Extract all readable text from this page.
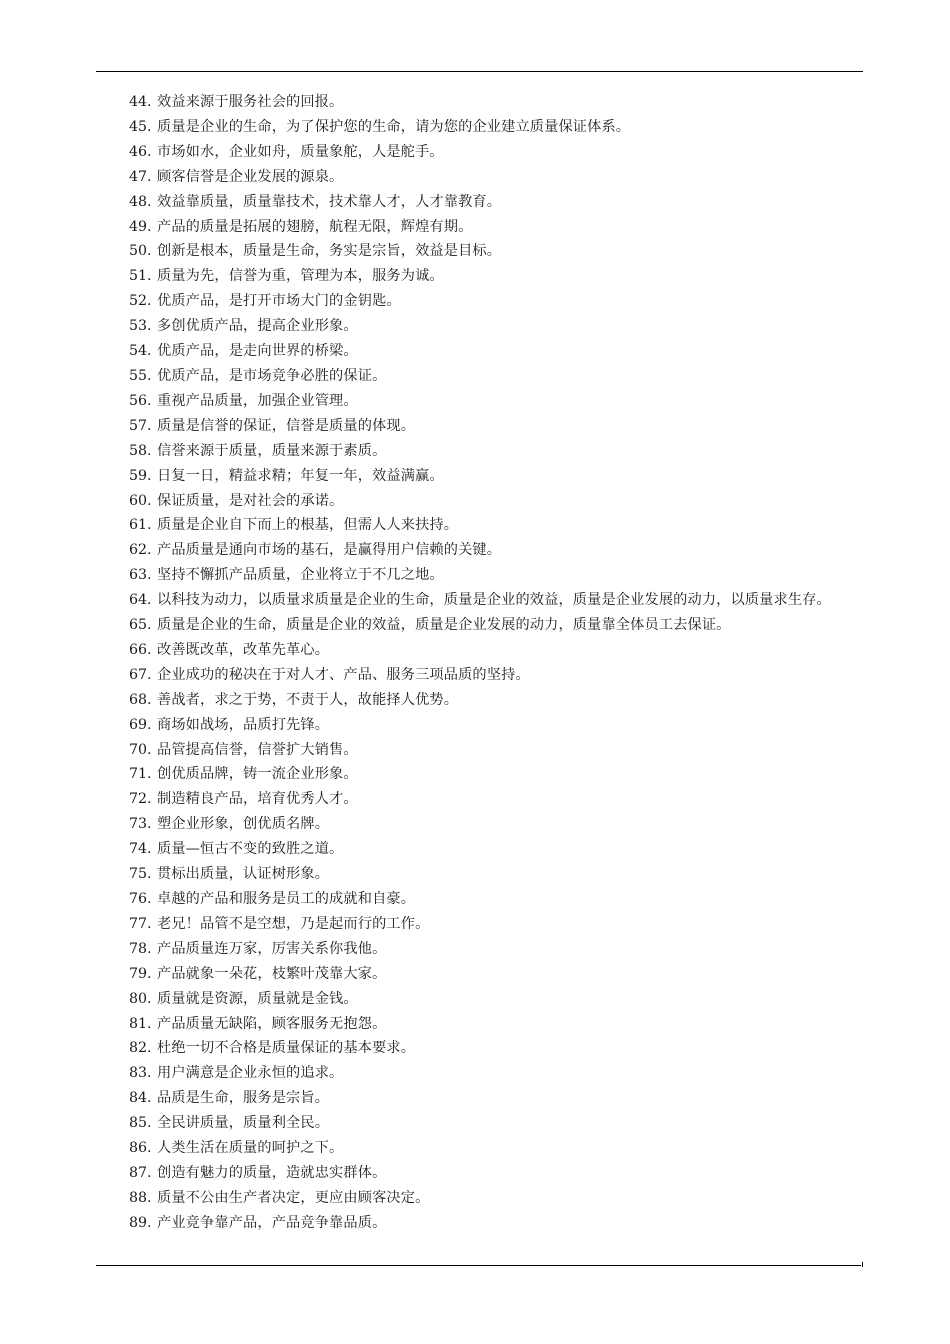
44. 效益来源于服务社会的回报。
45. 质量是企业的生命，为了保护您的生命，请为您的企业建立质量保证体系。
46. 市场如水，企业如舟，质量象舵，人是舵手。
47. 顾客信誉是企业发展的源泉。
48. 效益靠质量，质量靠技术，技术靠人才，人才靠教育。
49. 产品的质量是拓展的翅膀，航程无限，辉煌有期。
50. 创新是根本，质量是生命，务实是宗旨，效益是目标。
51. 质量为先，信誉为重，管理为本，服务为诚。
52. 优质产品，是打开市场大门的金钥匙。
53. 多创优质产品，提高企业形象。
54. 优质产品，是走向世界的桥梁。
55. 优质产品，是市场竞争必胜的保证。
56. 重视产品质量，加强企业管理。
57. 质量是信誉的保证，信誉是质量的体现。
58. 信誉来源于质量，质量来源于素质。
59. 日复一日，精益求精；年复一年，效益满赢。
60. 保证质量，是对社会的承诺。
61. 质量是企业自下而上的根基，但需人人来扶持。
62. 产品质量是通向市场的基石，是赢得用户信赖的关键。
63. 坚持不懈抓产品质量，企业将立于不几之地。
64. 以科技为动力，以质量求质量是企业的生命，质量是企业的效益，质量是企业发展的动力，以质量求生存。
65. 质量是企业的生命，质量是企业的效益，质量是企业发展的动力，质量靠全体员工去保证。
66. 改善既改革，改革先革心。
67. 企业成功的秘决在于对人才、产品、服务三项品质的坚持。
68. 善战者，求之于势，不责于人，故能择人优势。
69. 商场如战场，品质打先锋。
70. 品管提高信誉，信誉扩大销售。
71. 创优质品牌，铸一流企业形象。
72. 制造精良产品，培育优秀人才。
73. 塑企业形象，创优质名牌。
74. 质量—恒古不变的致胜之道。
75. 贯标出质量，认证树形象。
76. 卓越的产品和服务是员工的成就和自豪。
77. 老兄！品管不是空想，乃是起而行的工作。
78. 产品质量连万家，厉害关系你我他。
79. 产品就象一朵花，枝繁叶茂靠大家。
80. 质量就是资源，质量就是金钱。
81. 产品质量无缺陷，顾客服务无抱怨。
82. 杜绝一切不合格是质量保证的基本要求。
83. 用户满意是企业永恒的追求。
84. 品质是生命，服务是宗旨。
85. 全民讲质量，质量利全民。
86. 人类生活在质量的呵护之下。
87. 创造有魅力的质量，造就忠实群体。
88. 质量不公由生产者决定，更应由顾客决定。
89. 产业竞争靠产品，产品竞争靠品质。
